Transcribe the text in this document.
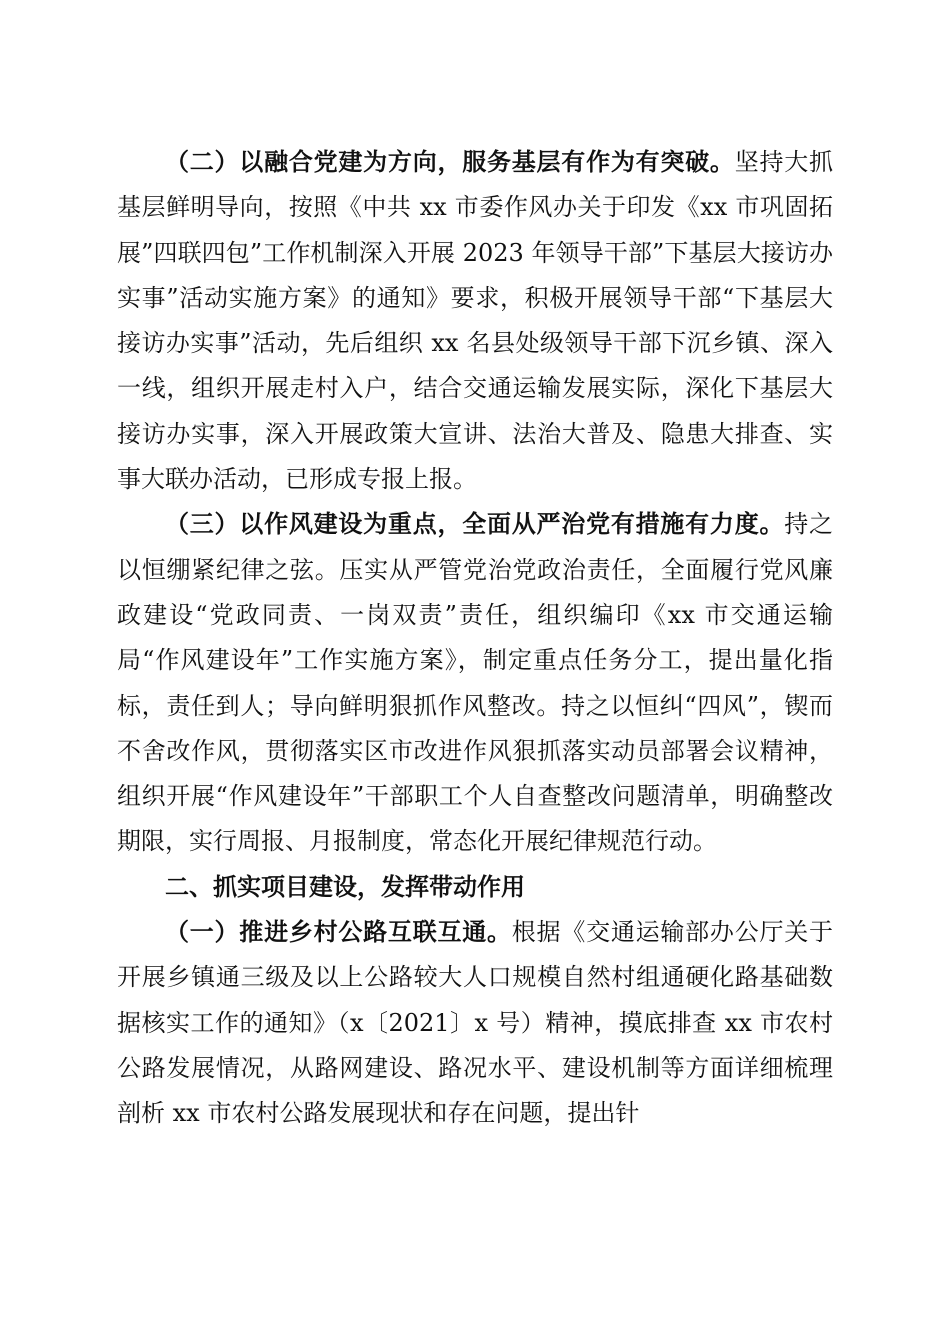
（二）以融合党建为方向，服务基层有作为有突破。坚持大抓基层鲜明导向，按照《中共 xx 市委作风办关于印发《xx 市巩固拓展”四联四包”工作机制深入开展 2023 年领导干部”下基层大接访办实事”活动实施方案》的通知》要求，积极开展领导干部“下基层大接访办实事”活动，先后组织 xx 名县处级领导干部下沉乡镇、深入一线，组织开展走村入户，结合交通运输发展实际，深化下基层大接访办实事，深入开展政策大宣讲、法治大普及、隐患大排查、实事大联办活动，已形成专报上报。

（三）以作风建设为重点，全面从严治党有措施有力度。持之以恒绷紧纪律之弦。压实从严管党治党政治责任，全面履行党风廉政建设“党政同责、一岗双责”责任，组织编印《xx 市交通运输局“作风建设年”工作实施方案》，制定重点任务分工，提出量化指标，责任到人；导向鲜明狠抓作风整改。持之以恒纠“四风”，锲而不舍改作风，贯彻落实区市改进作风狠抓落实动员部署会议精神，组织开展“作风建设年”干部职工个人自查整改问题清单，明确整改期限，实行周报、月报制度，常态化开展纪律规范行动。

二、抓实项目建设，发挥带动作用

（一）推进乡村公路互联互通。根据《交通运输部办公厅关于开展乡镇通三级及以上公路较大人口规模自然村组通硬化路基础数据核实工作的通知》（x〔2021〕x 号）精神，摸底排查 xx 市农村公路发展情况，从路网建设、路况水平、建设机制等方面详细梳理剖析 xx 市农村公路发展现状和存在问题，提出针
